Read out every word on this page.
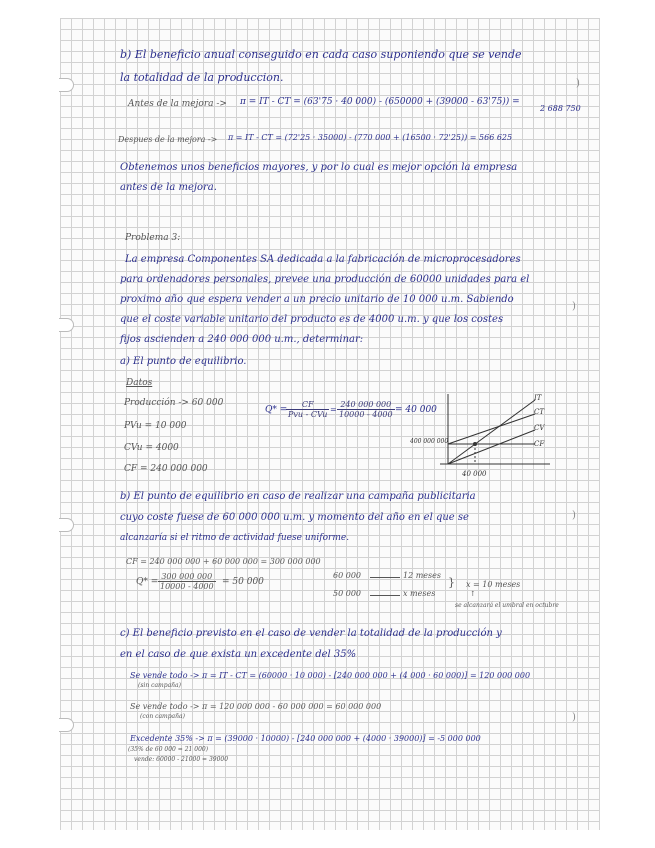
)
)
)
)
b) El beneficio anual conseguido en cada caso suponiendo que se vende
la totalidad de la produccion.
Antes de la mejora -> π = IT - CT = (63'75 · 40 000) - (650000 + (39000 - 63'75)) =
2 688 750
Despues de la mejora -> π = IT - CT = (72'25 · 35000) - (770 000 + (16500 · 72'25)) = 566 625
Obtenemos unos beneficios mayores, y por lo cual es mejor opción la empresa
antes de la mejora.
Problema 3:
La empresa Componentes SA dedicada a la fabricación de microprocesadores
para ordenadores personales, prevee una producción de 60000 unidades para el
proximo año que espera vender a un precio unitario de 10 000 u.m. Sabiendo
que el coste variable unitario del producto es de 4000 u.m. y que los costes
fijos ascienden a 240 000 000 u.m., determinar:
a) El punto de equilibrio.
Datos
Producción -> 60 000
PVu = 10 000
CVu = 4000
CF = 240 000 000
Q* =
CF
Pvu - CVu
= $\frac{240 000 000}{10000 - 4000} = 40$ 000
IT
CT
CV
CF
400 000 000
40 000
b) El punto de equilibrio en caso de realizar una campaña publicitaria
cuyo coste fuese de 60 000 000 u.m. y momento del año en el que se
alcanzaría si el ritmo de actividad fuese uniforme.
CF = 240 000 000 + 60 000 000 = 300 000 000
$Q* = \frac{300 000 000}{10000 - 4000} = 50$ 000
60 000	12 meses
50 000	x meses
} x = 10 meses
↑
se alcanzará el umbral en octubre
c) El beneficio previsto en el caso de vender la totalidad de la producción y
en el caso de que exista un excedente del 35%
Se vende todo -> π = IT - CT = (60000 · 10 000) - [240 000 000 + (4 000 · 60 000)] = 120 000 000
(sin campaña)
Se vende todo -> π = 120 000 000 - 60 000 000 = 60 000 000
(con campaña)
Excedente 35% -> π = (39000 · 10000) - [240 000 000 + (4000 · 39000)] = -5 000 000
(35% de 60 000 = 21 000)
vende: 60000 - 21000 = 39000
